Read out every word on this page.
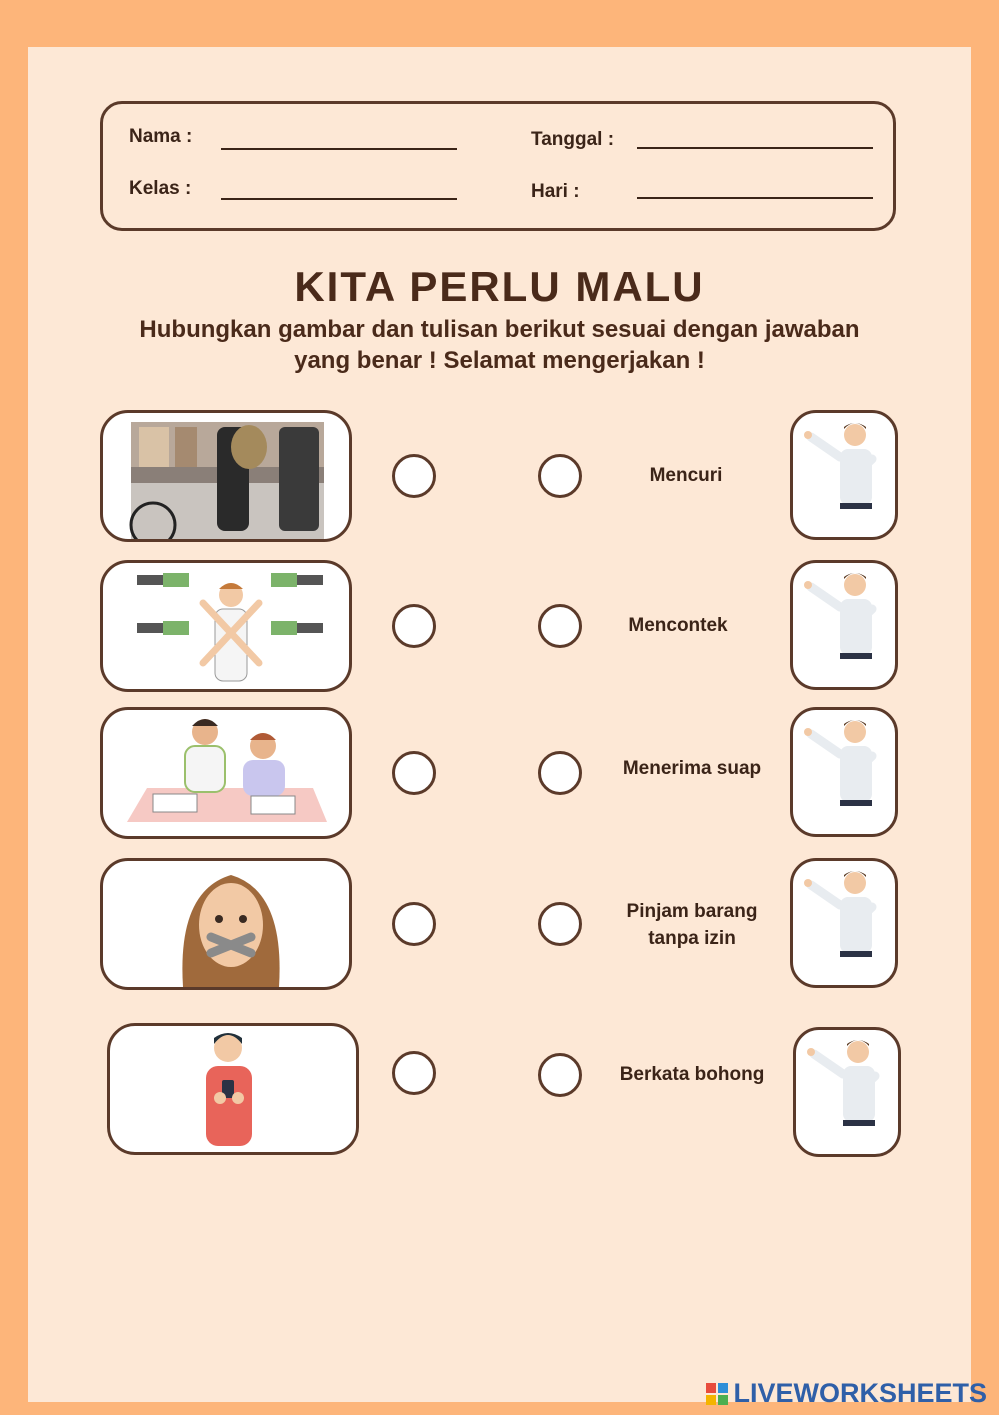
Nama :
Kelas :
Tanggal :
Hari :
KITA PERLU MALU
Hubungkan gambar dan tulisan berikut sesuai dengan jawaban
yang benar ! Selamat mengerjakan !
Mencuri
Mencontek
Menerima suap
Pinjam barang
tanpa izin
Berkata bohong
LIVEWORKSHEETS
